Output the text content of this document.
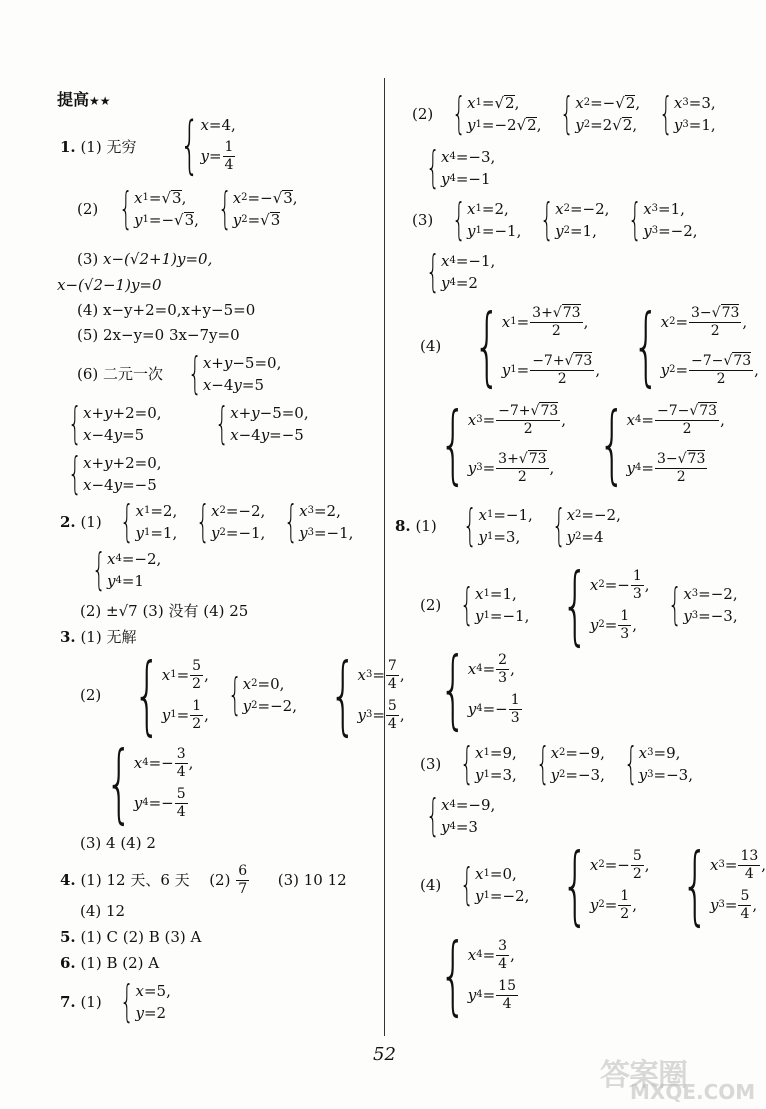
提高★★
1. (1) 无穷 { x =4,
$y = \frac{1}{4}$
(2) { x 1 = √ 3 ,
y 1 =− √ 3 ,
{ x 2 =− √ 3 ,
y 2 = √ 3
(3) x−(√2+1)y=0,
x−(√2−1)y=0
(4) x−y+2=0,x+y−5=0
(5) 2x−y=0 3x−7y=0
(6) 二元一次 { x + y −5=0,
x −4 y =5
{ x + y +2=0,
x −4 y =5
	{ x + y −5=0,
x −4 y =−5
{ x + y +2=0,
x −4 y =−5
2. (1) { x 1 =2,
y 1 =1,
{ x 2 =−2,
y 2 =−1,
{ x 3 =2,
y 3 =−1,
{ x 4 =−2,
y 4 =1
(2) ±√7 (3) 没有 (4) 25
3. (1) 无解
(2) { x $1 = \frac{5}{2}$ ,
y $1 = \frac{1}{2}$ ,
{ x 2 =0,
y 2 =−2,
{ x $3 = \frac{7}{4}$ ,
y $3 = \frac{5}{4}$ ,
{ x $4 =- \frac{3}{4}$ ,
y $4 =- \frac{5}{4}$
(3) 4 (4) 2
4. (1) 12 天、6 天 $(2) \frac{6}{7} (3)$ 10 12
(4) 12
5. (1) C (2) B (3) A
6. (1) B (2) A
7. (1) { x =5,
y =2
(2) { x 1 =√ 2 ,
y 1 =−2√ 2 ,
{ x 2 =−√ 2 ,
y 2 =2√ 2 ,
{ x 3 =3,
y 3 =1,
{ x 4 =−3,
y 4 =−1
(3) { x 1 =2,
y 1 =−1,
{ x 2 =−2,
y 2 =1,
{ x 3 =1,
y 3 =−2,
{ x 4 =−1,
y 4 =2
(4) { x $1 = \frac{3+√73}{2}$ ,
y $1 = \frac{-7+√73}{2}$ ,
{ x $2 = \frac{3-√73}{2}$ ,
y $2 = \frac{-7-√73}{2}$ ,
{ x $3 = \frac{-7+√73}{2}$ ,
y $3 = \frac{3+√73}{2}$ ,
{ x $4 = \frac{-7-√73}{2}$ ,
y $4 = \frac{3-√73}{2}$
8. (1) { x 1 =−1,
y 1 =3,
{ x 2 =−2,
y 2 =4
(2) { x 1 =1,
y 1 =−1,
{ x $2 =- \frac{1}{3}$ ,
y $2 = \frac{1}{3}$ ,
{ x 3 =−2,
y 3 =−3,
{ x $4 = \frac{2}{3}$ ,
y $4 =- \frac{1}{3}$
(3) { x 1 =9,
y 1 =3,
{ x 2 =−9,
y 2 =−3,
{ x 3 =9,
y 3 =−3,
{ x 4 =−9,
y 4 =3
(4) { x 1 =0,
y 1 =−2,
{ x $2 =- \frac{5}{2}$ ,
y $2 = \frac{1}{2}$ ,
{ x $3 = \frac{13}{4}$ ,
y $3 = \frac{5}{4}$ ,
{ x $4 = \frac{3}{4}$ ,
y $4 = \frac{15}{4}$
52
答案圈
MXQE.COM
